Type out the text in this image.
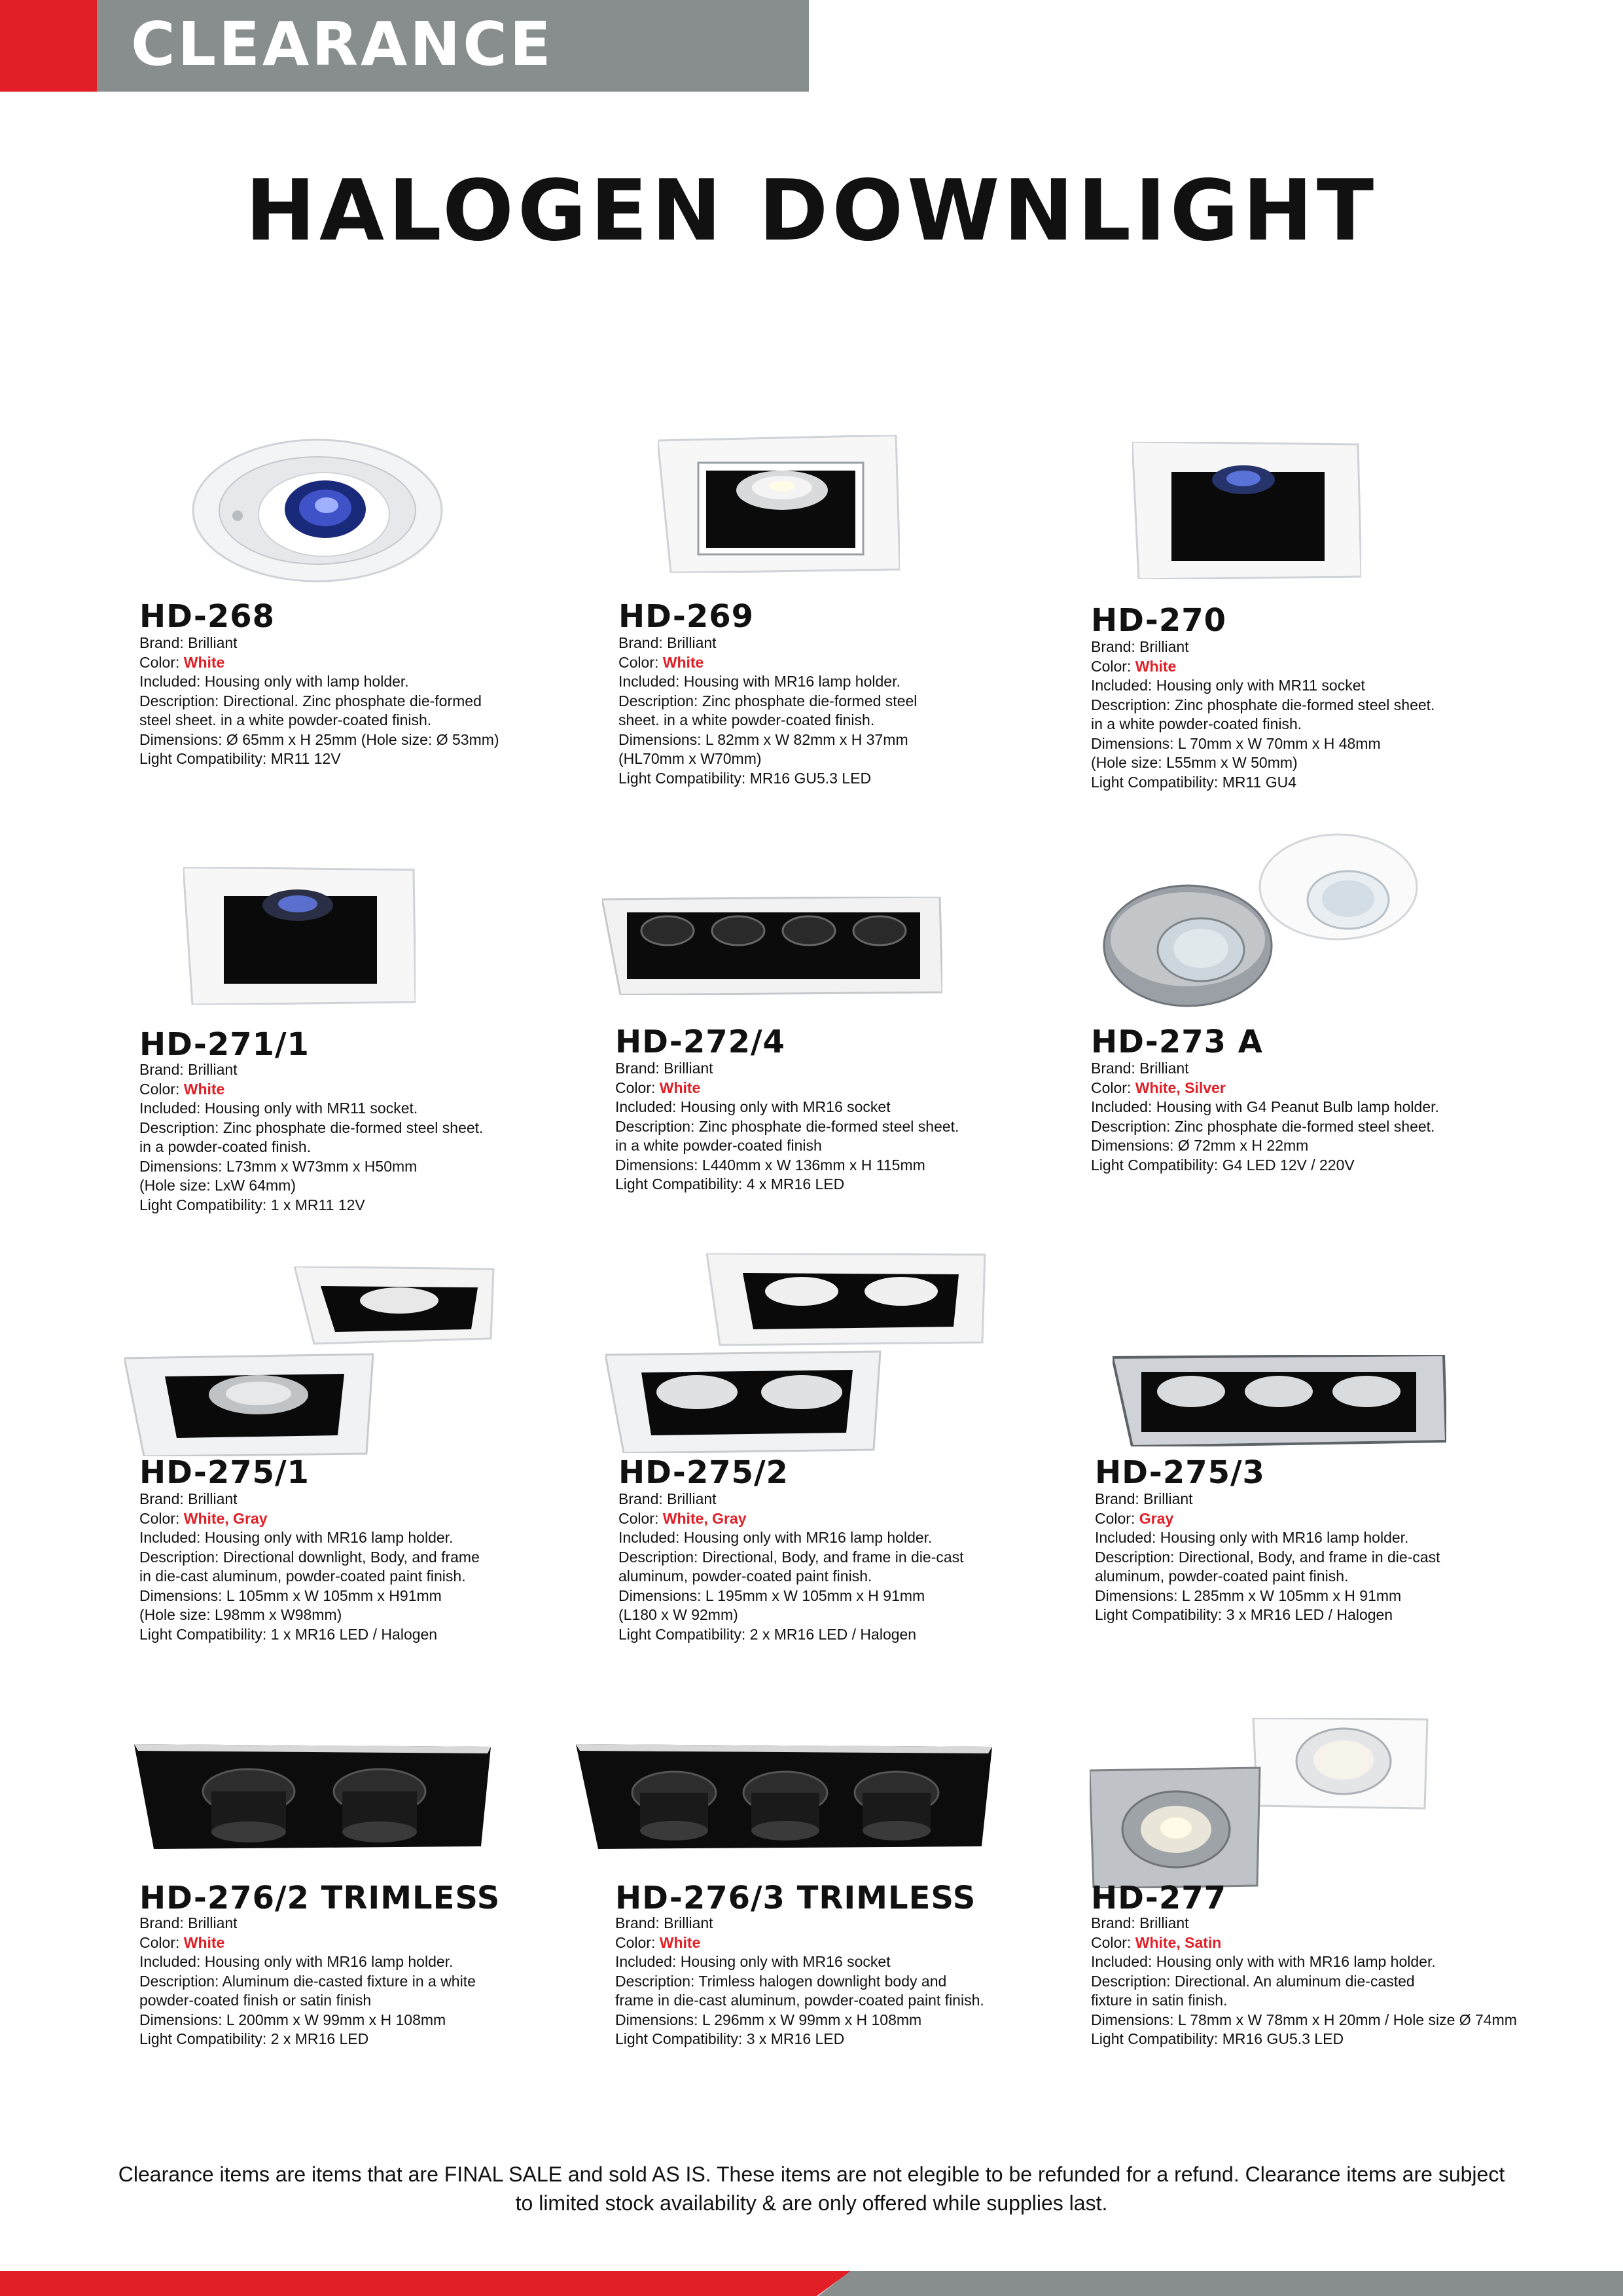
CLEARANCE
HALOGEN DOWNLIGHT
HD-268
Brand: Brilliant
Color: White
Included: Housing only with lamp holder.
Description: Directional. Zinc phosphate die-formed
steel sheet. in a white powder-coated finish.
Dimensions: Ø 65mm x H 25mm (Hole size: Ø 53mm)
Light Compatibility: MR11 12V
HD-269
Brand: Brilliant
Color: White
Included: Housing with MR16 lamp holder.
Description: Zinc phosphate die-formed steel
sheet. in a white powder-coated finish.
Dimensions: L 82mm x W 82mm x H 37mm
(HL70mm x W70mm)
Light Compatibility: MR16 GU5.3 LED
HD-270
Brand: Brilliant
Color: White
Included: Housing only with MR11 socket
Description: Zinc phosphate die-formed steel sheet.
in a white powder-coated finish.
Dimensions: L 70mm x W 70mm x H 48mm
(Hole size: L55mm x W 50mm)
Light Compatibility: MR11 GU4
HD-271/1
Brand: Brilliant
Color: White
Included: Housing only with MR11 socket.
Description: Zinc phosphate die-formed steel sheet.
in a powder-coated finish.
Dimensions: L73mm x W73mm x H50mm
(Hole size: LxW 64mm)
Light Compatibility: 1 x MR11 12V
HD-272/4
Brand: Brilliant
Color: White
Included: Housing only with MR16 socket
Description: Zinc phosphate die-formed steel sheet.
in a white powder-coated finish
Dimensions: L440mm x W 136mm x H 115mm
Light Compatibility: 4 x MR16 LED
HD-273 A
Brand: Brilliant
Color: White, Silver
Included: Housing with G4 Peanut Bulb lamp holder.
Description: Zinc phosphate die-formed steel sheet.
Dimensions: Ø 72mm x H 22mm
Light Compatibility: G4 LED 12V / 220V
HD-275/1
Brand: Brilliant
Color: White, Gray
Included: Housing only with MR16 lamp holder.
Description: Directional downlight, Body, and frame
in die-cast aluminum, powder-coated paint finish.
Dimensions: L 105mm x W 105mm x H91mm
(Hole size: L98mm x W98mm)
Light Compatibility: 1 x MR16 LED / Halogen
HD-275/2
Brand: Brilliant
Color: White, Gray
Included: Housing only with MR16 lamp holder.
Description: Directional, Body, and frame in die-cast
aluminum, powder-coated paint finish.
Dimensions: L 195mm x W 105mm x H 91mm
(L180 x W 92mm)
Light Compatibility: 2 x MR16 LED / Halogen
HD-275/3
Brand: Brilliant
Color: Gray
Included: Housing only with MR16 lamp holder.
Description: Directional, Body, and frame in die-cast
aluminum, powder-coated paint finish.
Dimensions: L 285mm x W 105mm x H 91mm
Light Compatibility: 3 x MR16 LED / Halogen
HD-276/2 TRIMLESS
Brand: Brilliant
Color: White
Included: Housing only with MR16 lamp holder.
Description: Aluminum die-casted fixture in a white
powder-coated finish or satin finish
Dimensions: L 200mm x W 99mm x H 108mm
Light Compatibility: 2 x MR16 LED
HD-276/3 TRIMLESS
Brand: Brilliant
Color: White
Included: Housing only with MR16 socket
Description: Trimless halogen downlight body and
frame in die-cast aluminum, powder-coated paint finish.
Dimensions: L 296mm x W 99mm x H 108mm
Light Compatibility: 3 x MR16 LED
HD-277
Brand: Brilliant
Color: White, Satin
Included: Housing only with with MR16 lamp holder.
Description: Directional. An aluminum die-casted
fixture in satin finish.
Dimensions: L 78mm x W 78mm x H 20mm / Hole size Ø 74mm
Light Compatibility: MR16 GU5.3 LED
Clearance items are items that are FINAL SALE and sold AS IS. These items are not elegible to be refunded for a refund. Clearance items are subject
to limited stock availability & are only offered while supplies last.
